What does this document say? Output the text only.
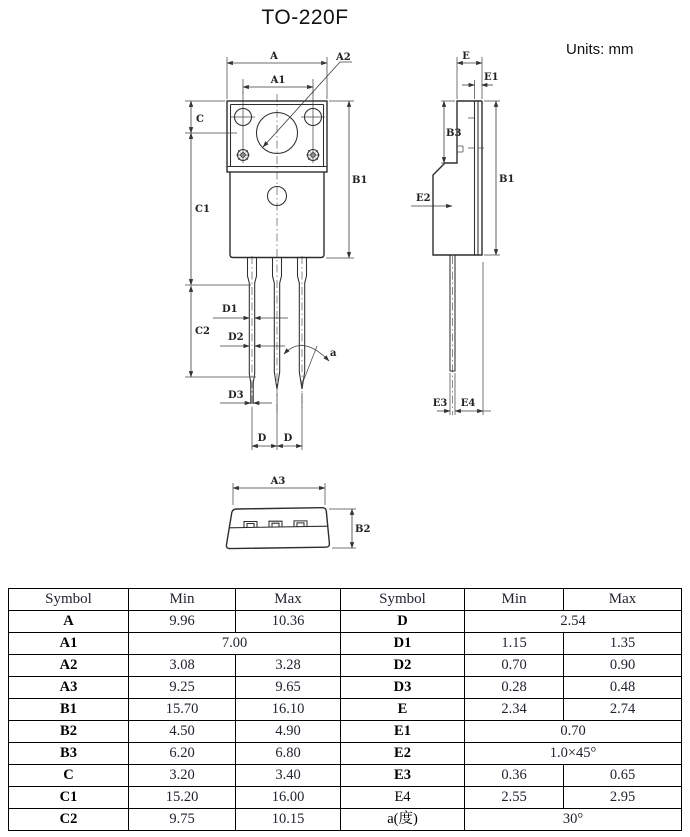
TO-220F
Units: mm
A
A1
A2
C
C1
C2
B1
D1
D2
D3
D D
a
E
E1
B3
B1
E2
E3 E4
A3
B2
Symbol	Min	Max	Symbol	Min	Max
A	9.96	10.36	D	2.54	
A1	7.00		D1	1.15	1.35
A2	3.08	3.28	D2	0.70	0.90
A3	9.25	9.65	D3	0.28	0.48
B1	15.70	16.10	E	2.34	2.74
B2	4.50	4.90	E1	0.70	
B3	6.20	6.80	E2	1.0×45°	
C	3.20	3.40	E3	0.36	0.65
C1	15.20	16.00	E4	2.55	2.95
C2	9.75	10.15	a(度)	30°	
